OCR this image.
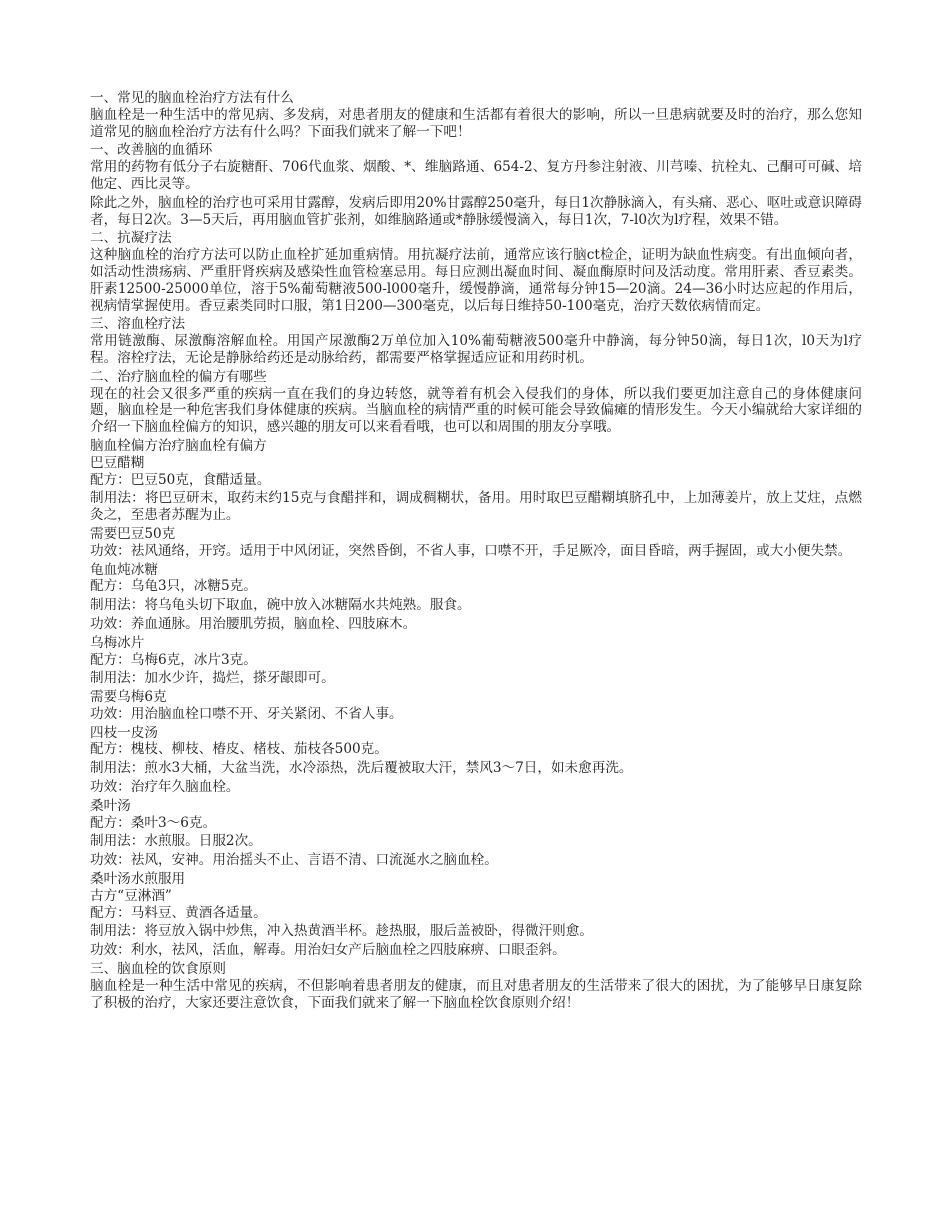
一、常见的脑血栓治疗方法有什么

脑血栓是一种生活中的常见病、多发病，对患者朋友的健康和生活都有着很大的影响，所以一旦患病就要及时的治疗，那么您知道常见的脑血栓治疗方法有什么吗？下面我们就来了解一下吧！

一、改善脑的血循环

常用的药物有低分子右旋糖酐、706代血浆、烟酸、*、维脑路通、654-2、复方丹参注射液、川芎嗪、抗栓丸、己酮可可碱、培他定、西比灵等。

除此之外，脑血栓的治疗也可采用甘露醇，发病后即用20%甘露醇250毫升，每日1次静脉滴入，有头痛、恶心、呕吐或意识障碍者，每日2次。3—5天后，再用脑血管扩张剂，如维脑路通或*静脉缓慢滴入，每日1次，7-l0次为l疗程，效果不错。

二、抗凝疗法

这种脑血栓的治疗方法可以防止血栓扩延加重病情。用抗凝疗法前，通常应该行脑ct检企，证明为缺血性病变。有出血倾向者，如活动性溃疡病、严重肝肾疾病及感染性血管检塞忌用。每日应测出凝血时间、凝血酶原时问及活动度。常用肝素、香豆素类。肝素12500-25000单位，溶于5%葡萄糖液500-l000毫升，缓慢静滴，通常每分钟15—20滴。24—36小时达应起的作用后，视病情掌握使用。香豆素类同时口服，第1日200—300毫克，以后每日维持50-100毫克，治疗天数依病情而定。

三、溶血栓疗法

常用链激酶、尿激酶溶解血栓。用国产尿激酶2万单位加入10%葡萄糖液500毫升中静滴，每分钟50滴，每日1次，l0天为l疗程。溶栓疗法，无论是静脉给药还是动脉给药，都需要严格掌握适应证和用药时机。

二、治疗脑血栓的偏方有哪些

现在的社会又很多严重的疾病一直在我们的身边转悠，就等着有机会入侵我们的身体，所以我们要更加注意自己的身体健康问题，脑血栓是一种危害我们身体健康的疾病。当脑血栓的病情严重的时候可能会导致偏瘫的情形发生。今天小编就给大家详细的介绍一下脑血栓偏方的知识，感兴趣的朋友可以来看看哦，也可以和周围的朋友分享哦。

脑血栓偏方治疗脑血栓有偏方

巴豆醋糊

配方：巴豆50克，食醋适量。

制用法：将巴豆研末，取药末约15克与食醋拌和，调成稠糊状，备用。用时取巴豆醋糊填脐孔中，上加薄姜片，放上艾炷，点燃灸之，至患者苏醒为止。

需要巴豆50克

功效：祛风通络，开窍。适用于中风闭证，突然昏倒，不省人事，口噤不开，手足厥冷，面目昏暗，两手握固，或大小便失禁。

龟血炖冰糖

配方：乌龟3只，冰糖5克。

制用法：将乌龟头切下取血，碗中放入冰糖隔水共炖熟。服食。

功效：养血通脉。用治腰肌劳损，脑血栓、四肢麻木。

乌梅冰片

配方：乌梅6克，冰片3克。

制用法：加水少许，捣烂，搽牙龈即可。

需要乌梅6克

功效：用治脑血栓口噤不开、牙关紧闭、不省人事。

四枝一皮汤

配方：槐枝、柳枝、椿皮、楮枝、茄枝各500克。

制用法：煎水3大桶，大盆当洗，水冷添热，洗后覆被取大汗，禁风3～7日，如未愈再洗。

功效：治疗年久脑血栓。

桑叶汤

配方：桑叶3～6克。

制用法：水煎服。日服2次。

功效：祛风，安神。用治摇头不止、言语不清、口流涎水之脑血栓。

桑叶汤水煎服用

古方“豆淋酒”

配方：马料豆、黄酒各适量。

制用法：将豆放入锅中炒焦，冲入热黄酒半杯。趁热服，服后盖被卧，得微汗则愈。

功效：利水，祛风，活血，解毒。用治妇女产后脑血栓之四肢麻痹、口眼歪斜。

三、脑血栓的饮食原则

脑血栓是一种生活中常见的疾病，不但影响着患者朋友的健康，而且对患者朋友的生活带来了很大的困扰，为了能够早日康复除了积极的治疗，大家还要注意饮食，下面我们就来了解一下脑血栓饮食原则介绍！
